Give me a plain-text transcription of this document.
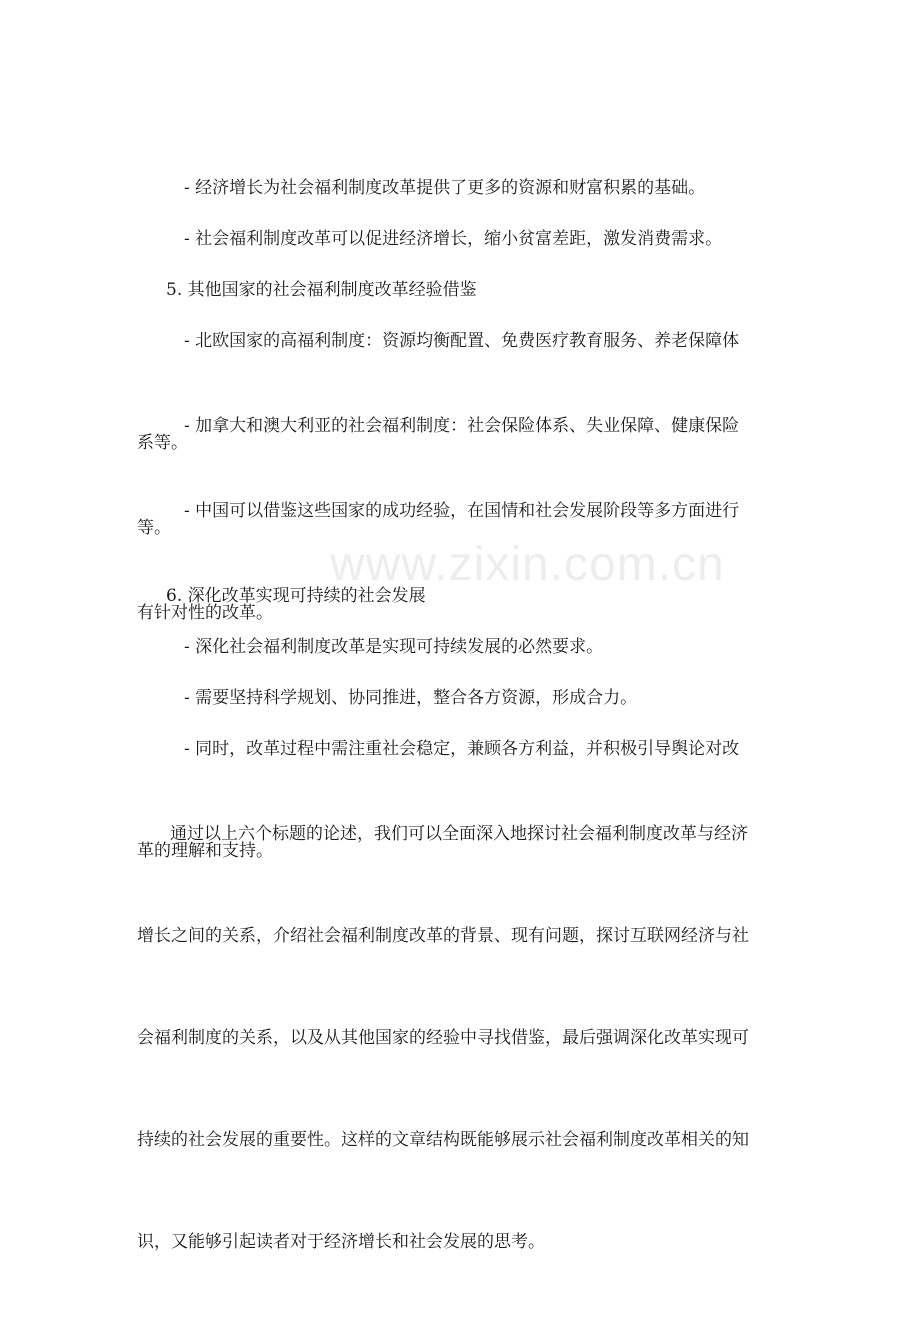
www.zixin.com.cn

- 经济增长为社会福利制度改革提供了更多的资源和财富积累的基础。

- 社会福利制度改革可以促进经济增长，缩小贫富差距，激发消费需求。

5. 其他国家的社会福利制度改革经验借鉴

- 北欧国家的高福利制度：资源均衡配置、免费医疗教育服务、养老保障体

系等。

- 加拿大和澳大利亚的社会福利制度：社会保险体系、失业保障、健康保险

等。

- 中国可以借鉴这些国家的成功经验，在国情和社会发展阶段等多方面进行

有针对性的改革。

6. 深化改革实现可持续的社会发展

- 深化社会福利制度改革是实现可持续发展的必然要求。

- 需要坚持科学规划、协同推进，整合各方资源，形成合力。

- 同时，改革过程中需注重社会稳定，兼顾各方利益，并积极引导舆论对改

革的理解和支持。

通过以上六个标题的论述，我们可以全面深入地探讨社会福利制度改革与经济

增长之间的关系，介绍社会福利制度改革的背景、现有问题，探讨互联网经济与社

会福利制度的关系，以及从其他国家的经验中寻找借鉴，最后强调深化改革实现可

持续的社会发展的重要性。这样的文章结构既能够展示社会福利制度改革相关的知

识，又能够引起读者对于经济增长和社会发展的思考。
